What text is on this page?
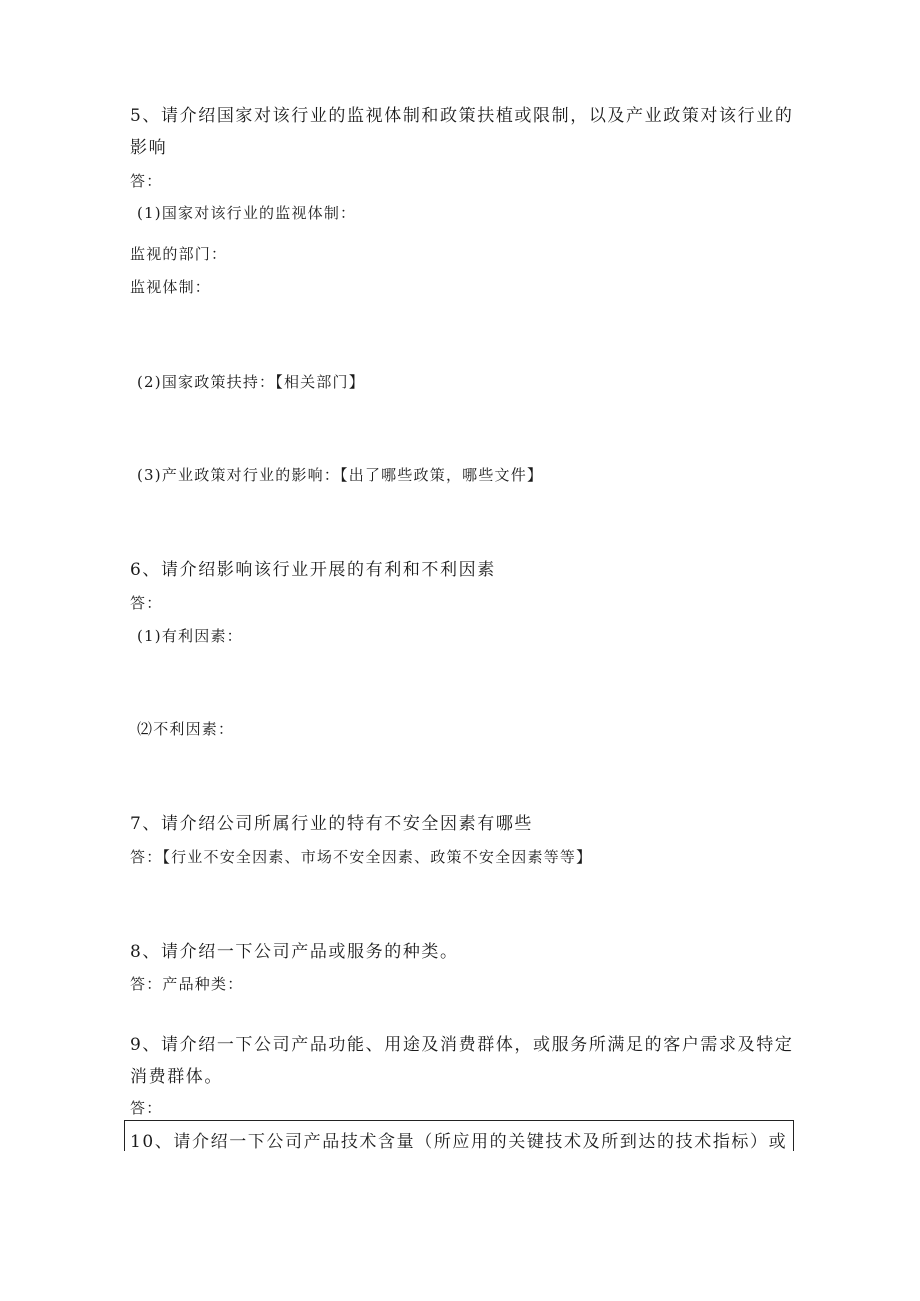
5、请介绍国家对该行业的监视体制和政策扶植或限制，以及产业政策对该行业的
影响
答：
(1)国家对该行业的监视体制：
监视的部门：
监视体制：
(2)国家政策扶持：【相关部门】
(3)产业政策对行业的影响：【出了哪些政策，哪些文件】
6、请介绍影响该行业开展的有利和不利因素
答：
(1)有利因素：
⑵不利因素：
7、请介绍公司所属行业的特有不安全因素有哪些
答：【行业不安全因素、市场不安全因素、政策不安全因素等等】
8、请介绍一下公司产品或服务的种类。
答：产品种类：
9、请介绍一下公司产品功能、用途及消费群体，或服务所满足的客户需求及特定
消费群体。
答：
10、请介绍一下公司产品技术含量（所应用的关键技术及所到达的技术指标）或
